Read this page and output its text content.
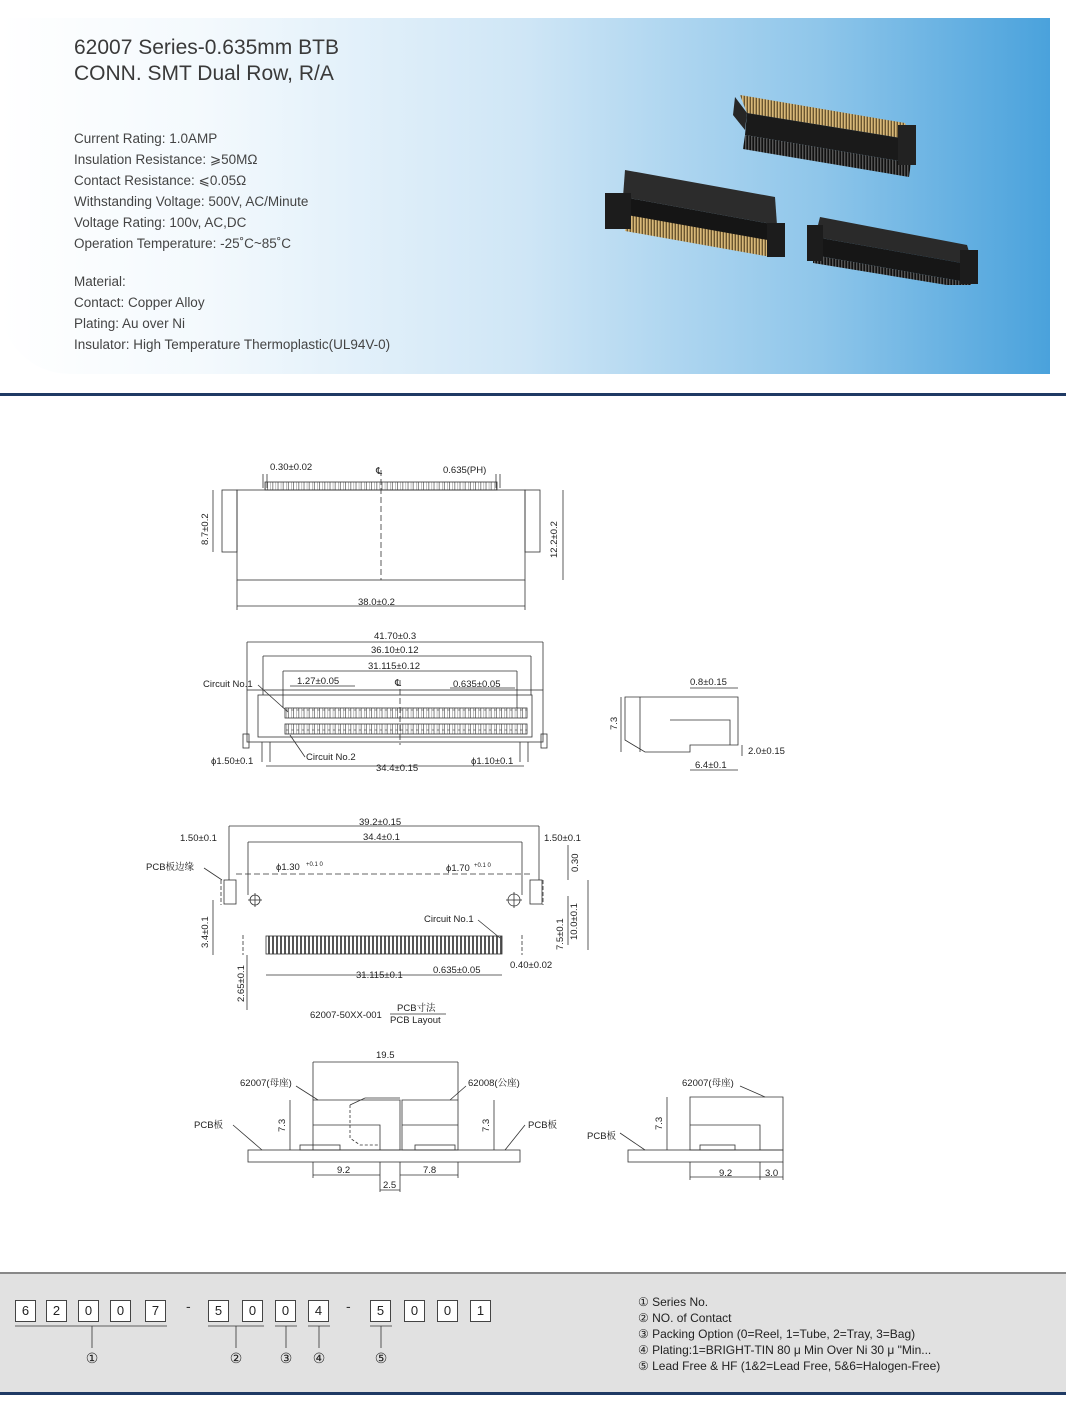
62007 Series-0.635mm BTB
CONN. SMT Dual Row, R/A
Current Rating: 1.0AMP
Insulation Resistance: ⩾50MΩ
Contact Resistance: ⩽0.05Ω
Withstanding Voltage: 500V, AC/Minute
Voltage Rating: 100v, AC,DC
Operation Temperature: -25˚C~85˚C
Material:
Contact: Copper Alloy
Plating: Au over Ni
Insulator: High Temperature Thermoplastic(UL94V-0)
0.30±0.02	℄	0.635(PH)
8.7±0.2	12.2±0.2
38.0±0.2
41.70±0.3
36.10±0.12
31.115±0.12
1.27±0.05	℄	0.635±0.05
Circuit No.1
Circuit No.2
ϕ1.50±0.1
34.4±0.15
ϕ1.10±0.1
0.8±0.15
7.3
2.0±0.15
6.4±0.1
39.2±0.15
1.50±0.1	34.4±0.1	1.50±0.1
PCB板边缘	ϕ1.30 +0.1 0	ϕ1.70 +0.1 0	0.30
Circuit No.1
3.4±0.1	7.5±0.1 10.0±0.1
2.65±0.1	31.115±0.1	0.635±0.05	0.40±0.02
62007-50XX-001
PCB寸法
PCB Layout
19.5
62007(母座)	62008(公座)
PCB板	PCB板
7.3	7.3
9.2	7.8
2.5
62007(母座)
PCB板
7.3
9.2	3.0
6	2	0	0	7	-	5	0	0	4	-	5	0	0	1
①	②	③ ④	⑤
① Series No.
② NO. of Contact
③ Packing Option (0=Reel, 1=Tube, 2=Tray, 3=Bag)
④ Plating:1=BRIGHT-TIN 80 μ Min Over Ni 30 μ "Min...
⑤ Lead Free & HF (1&2=Lead Free, 5&6=Halogen-Free)
